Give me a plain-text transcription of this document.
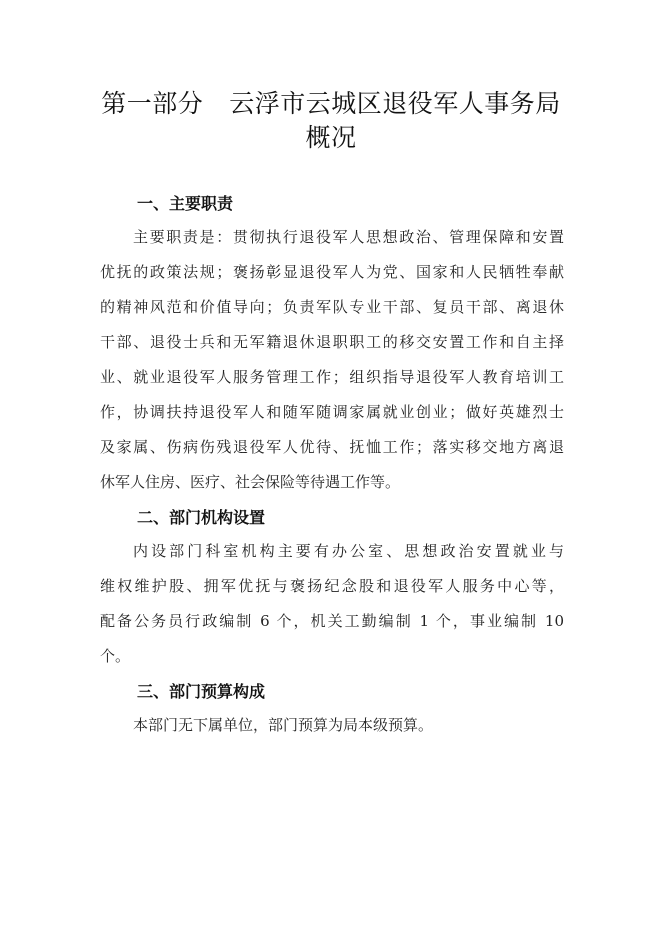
第一部分 云浮市云城区退役军人事务局
概况
一、主要职责
主要职责是：贯彻执行退役军人思想政治、管理保障和安置
优抚的政策法规；褒扬彰显退役军人为党、国家和人民牺牲奉献
的精神风范和价值导向；负责军队专业干部、复员干部、离退休
干部、退役士兵和无军籍退休退职职工的移交安置工作和自主择
业、就业退役军人服务管理工作；组织指导退役军人教育培训工
作，协调扶持退役军人和随军随调家属就业创业；做好英雄烈士
及家属、伤病伤残退役军人优待、抚恤工作；落实移交地方离退
休军人住房、医疗、社会保险等待遇工作等。
二、部门机构设置
内设部门科室机构主要有办公室、思想政治安置就业与
维权维护股、拥军优抚与褒扬纪念股和退役军人服务中心等，
配备公务员行政编制 6 个，机关工勤编制 1 个，事业编制 10
个。
三、部门预算构成
本部门无下属单位，部门预算为局本级预算。
